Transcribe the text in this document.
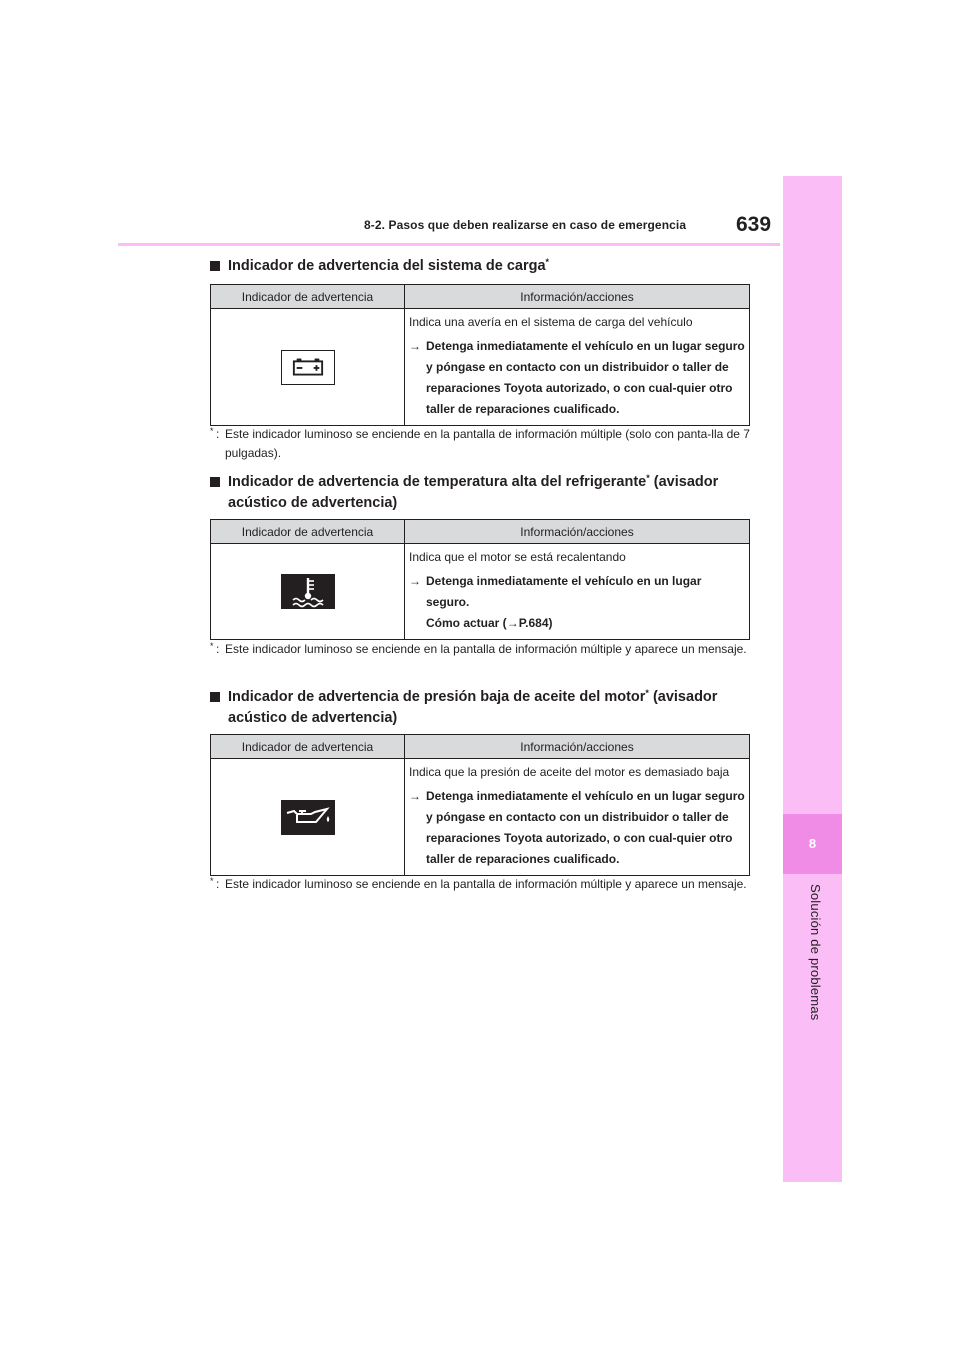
8
Solución de problemas
8-2. Pasos que deben realizarse en caso de emergencia 639
Indicador de advertencia del sistema de carga*
Indicador de advertencia	Información/acciones

Indica una avería en el sistema de carga del vehículo
→ Detenga inmediatamente el vehículo en un lugar seguro y póngase en contacto con un distribuidor o taller de reparaciones Toyota autorizado, o con cual-quier otro taller de reparaciones cualificado.
* : Este indicador luminoso se enciende en la pantalla de información múltiple (solo con panta-lla de 7 pulgadas).
Indicador de advertencia de temperatura alta del refrigerante* (avisador acústico de advertencia)
Indicador de advertencia	Información/acciones

Indica que el motor se está recalentando
→ Detenga inmediatamente el vehículo en un lugar seguro.
Cómo actuar (→P.684)
* : Este indicador luminoso se enciende en la pantalla de información múltiple y aparece un mensaje.
Indicador de advertencia de presión baja de aceite del motor* (avisador acústico de advertencia)
Indicador de advertencia	Información/acciones

Indica que la presión de aceite del motor es demasiado baja
→ Detenga inmediatamente el vehículo en un lugar seguro y póngase en contacto con un distribuidor o taller de reparaciones Toyota autorizado, o con cual-quier otro taller de reparaciones cualificado.
* : Este indicador luminoso se enciende en la pantalla de información múltiple y aparece un mensaje.
